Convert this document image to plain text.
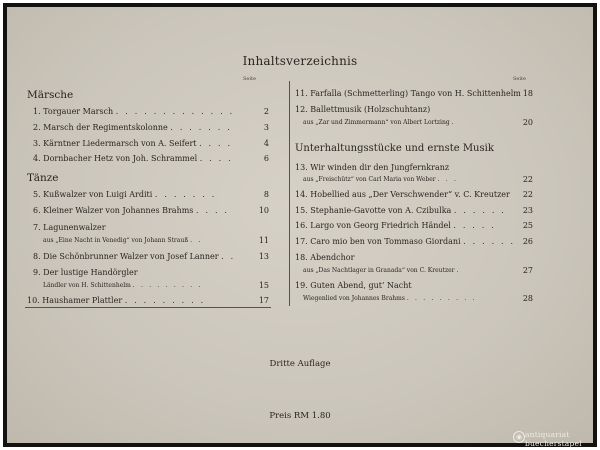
Inhaltsverzeichnis
Seite	Seite
Märsche
1. Torgauer Marsch . . . . . . . . . . . . .	2
2. Marsch der Regimentskolonne . . . . . . .	3
3. Kärntner Liedermarsch von A. Seifert . . . .	4
4. Dornbacher Hetz von Joh. Schrammel . . . .	6
Tänze
5. Kußwalzer von Luigi Arditi . . . . . . .	8
6. Kleiner Walzer von Johannes Brahms . . . .	10
7. Lagunenwalzer
aus „Eine Nacht in Venedig“ von Johann Strauß . .	11
8. Die Schönbrunner Walzer von Josef Lanner . .	13
9. Der lustige Handörgler
Ländler von H. Schittenhelm . . . . . . . . .	15
10. Haushamer Plattler . . . . . . . . .	17
11. Farfalla (Schmetterling) Tango von H. Schittenhelm 18
12. Ballettmusik (Holzschuhtanz)
aus „Zar und Zimmermann“ von Albert Lortzing .	20
Unterhaltungsstücke und ernste Musik
13. Wir winden dir den Jungfernkranz
aus „Freischütz“ von Carl Maria von Weber . . .	22
14. Hobellied aus „Der Verschwender“ v. C. Kreutzer	22
15. Stephanie-Gavotte von A. Czibulka . . . . . .	23
16. Largo von Georg Friedrich Händel . . . . .	25
17. Caro mio ben von Tommaso Giordani . . . . . . 26
18. Abendchor
aus „Das Nachtlager in Granada“ von C. Kreutzer .	27
19. Guten Abend, gut’ Nacht
Wiegenlied von Johannes Brahms . . . . . . . . .	28
Dritte Auflage
Preis RM 1.80
◉ antiquariat
buecherstapel
